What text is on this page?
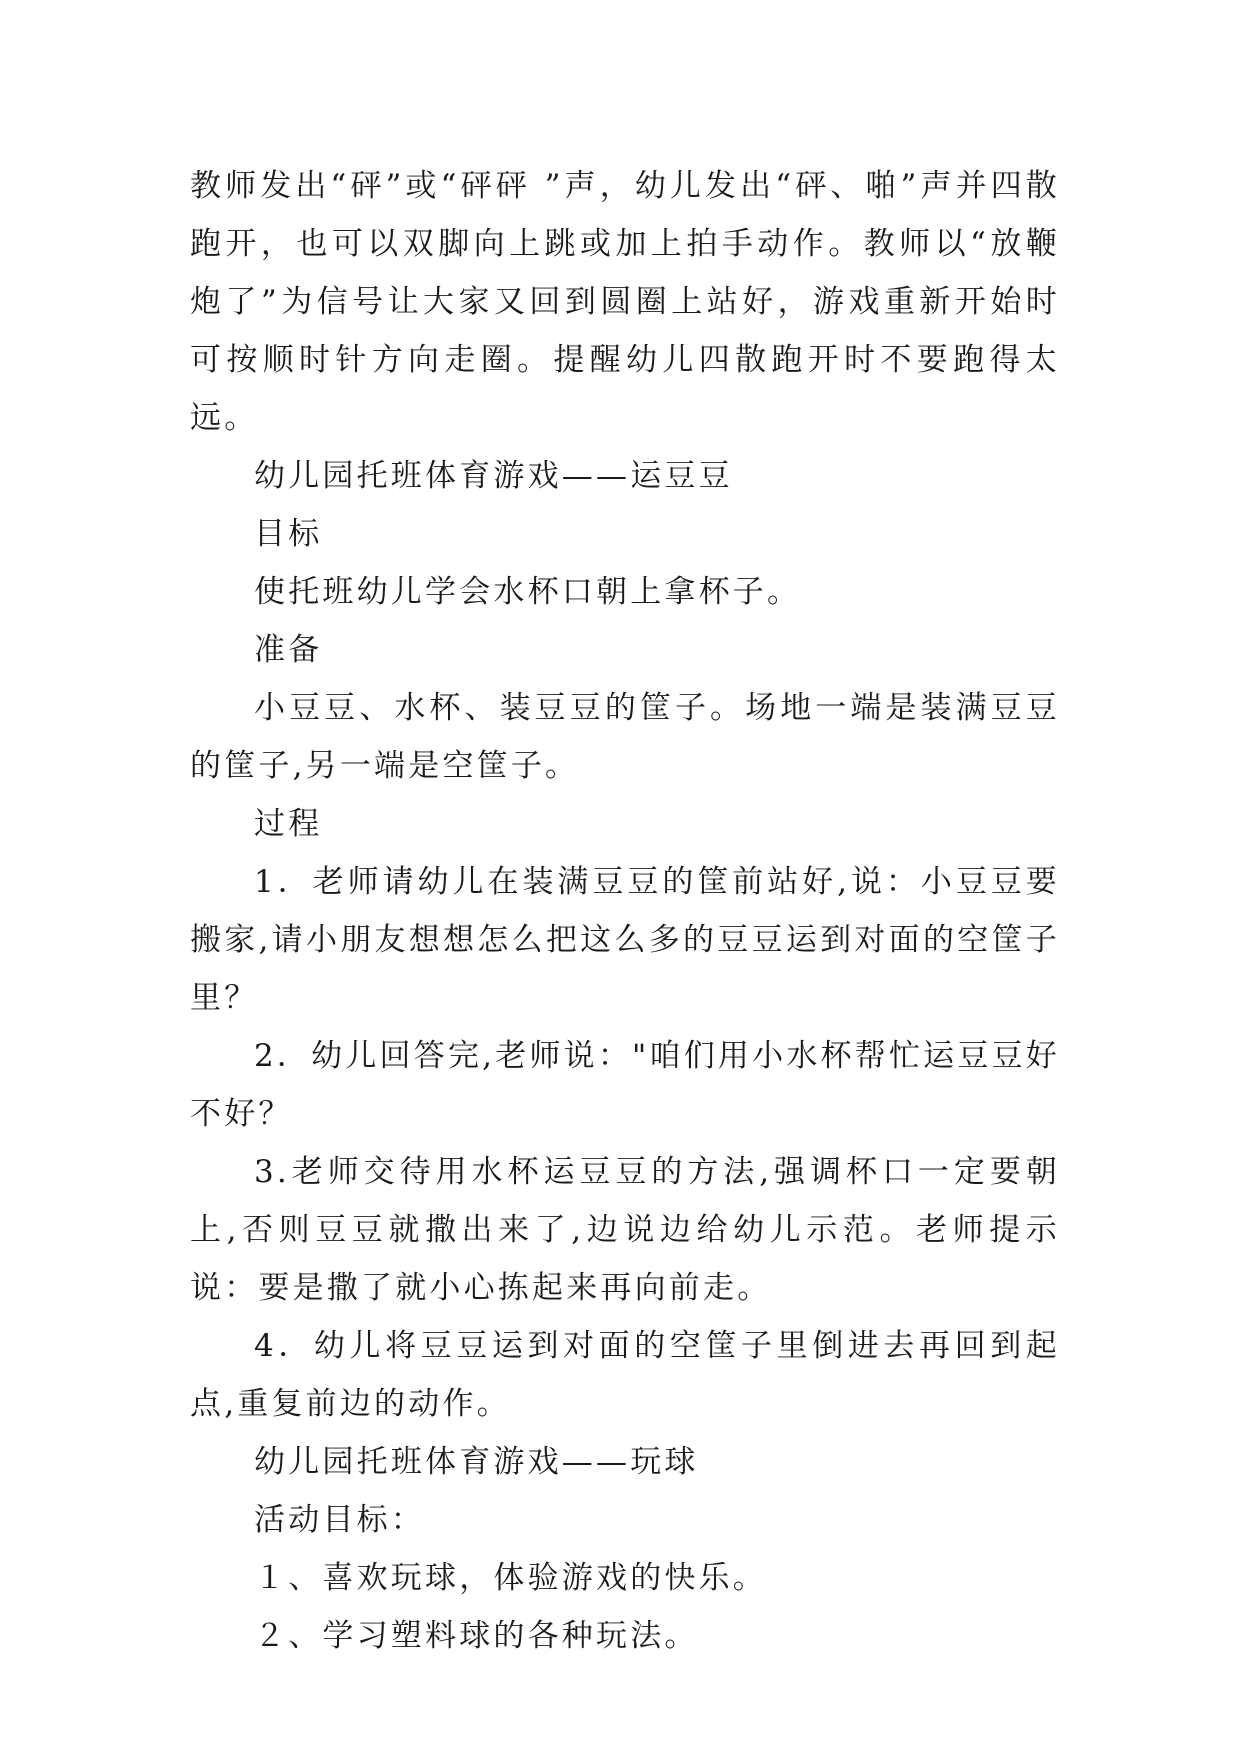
教师发出“砰”或“砰砰 ”声，幼儿发出“砰、啪”声并四散跑开，也可以双脚向上跳或加上拍手动作。教师以“放鞭炮了”为信号让大家又回到圆圈上站好，游戏重新开始时可按顺时针方向走圈。提醒幼儿四散跑开时不要跑得太远。

幼儿园托班体育游戏——运豆豆

目标

使托班幼儿学会水杯口朝上拿杯子。

准备

小豆豆、水杯、装豆豆的筐子。场地一端是装满豆豆的筐子,另一端是空筐子。

过程

1．老师请幼儿在装满豆豆的筐前站好,说：小豆豆要搬家,请小朋友想想怎么把这么多的豆豆运到对面的空筐子里？

2．幼儿回答完,老师说："咱们用小水杯帮忙运豆豆好不好？

3.老师交待用水杯运豆豆的方法,强调杯口一定要朝上,否则豆豆就撒出来了,边说边给幼儿示范。老师提示说：要是撒了就小心拣起来再向前走。

4．幼儿将豆豆运到对面的空筐子里倒进去再回到起点,重复前边的动作。

幼儿园托班体育游戏——玩球

活动目标：

１、喜欢玩球，体验游戏的快乐。

２、学习塑料球的各种玩法。
